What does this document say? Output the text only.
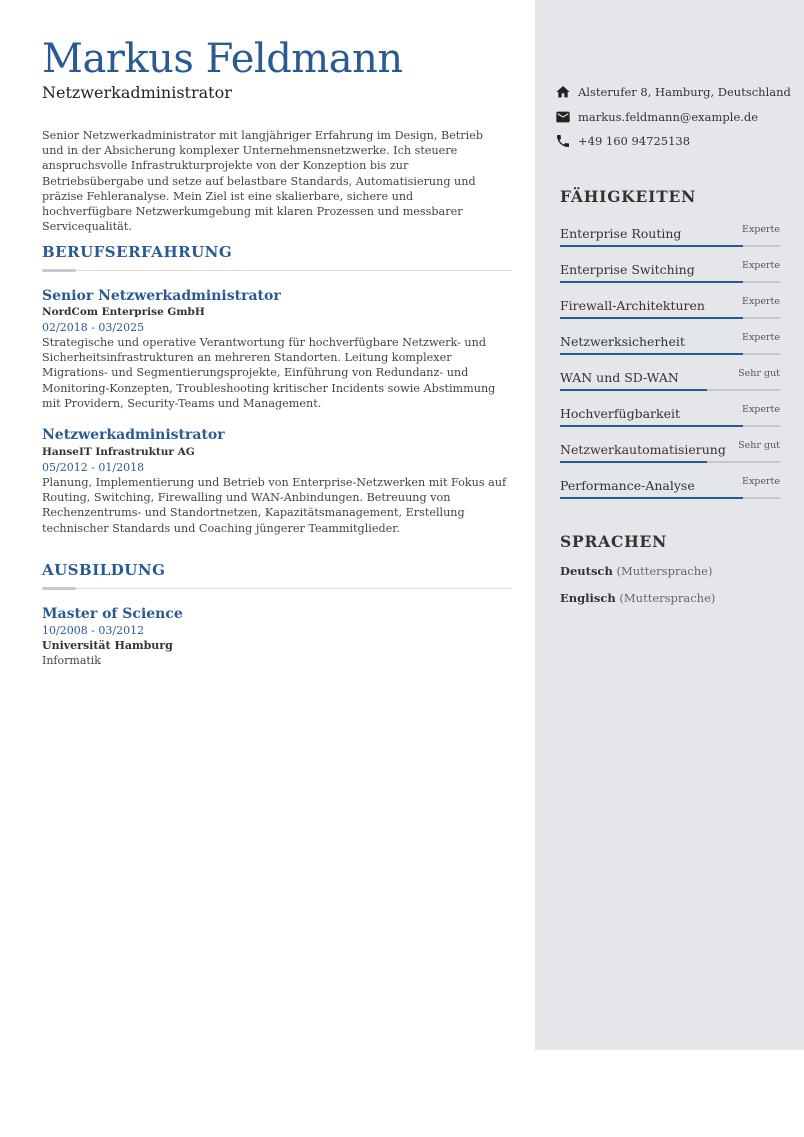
Markus Feldmann
Netzwerkadministrator
Senior Netzwerkadministrator mit langjähriger Erfahrung im Design, Betrieb und in der Absicherung komplexer Unternehmensnetzwerke. Ich steuere anspruchsvolle Infrastrukturprojekte von der Konzeption bis zur Betriebsübergabe und setze auf belastbare Standards, Automatisierung und präzise Fehleranalyse. Mein Ziel ist eine skalierbare, sichere und hochverfügbare Netzwerkumgebung mit klaren Prozessen und messbarer Servicequalität.
BERUFSERFAHRUNG
Senior Netzwerkadministrator
NordCom Enterprise GmbH
02/2018 - 03/2025
Strategische und operative Verantwortung für hochverfügbare Netzwerk- und Sicherheitsinfrastrukturen an mehreren Standorten. Leitung komplexer Migrations- und Segmentierungsprojekte, Einführung von Redundanz- und Monitoring-Konzepten, Troubleshooting kritischer Incidents sowie Abstimmung mit Providern, Security-Teams und Management.
Netzwerkadministrator
HanseIT Infrastruktur AG
05/2012 - 01/2018
Planung, Implementierung und Betrieb von Enterprise-Netzwerken mit Fokus auf Routing, Switching, Firewalling und WAN-Anbindungen. Betreuung von Rechenzentrums- und Standortnetzen, Kapazitätsmanagement, Erstellung technischer Standards und Coaching jüngerer Teammitglieder.
AUSBILDUNG
Master of Science
10/2008 - 03/2012
Universität Hamburg
Informatik
Alsterufer 8, Hamburg, Deutschland
markus.feldmann@example.de
+49 160 94725138
FÄHIGKEITEN
Enterprise Routing	Experte
Enterprise Switching	Experte
Firewall-Architekturen	Experte
Netzwerksicherheit	Experte
WAN und SD-WAN	Sehr gut
Hochverfügbarkeit	Experte
Netzwerkautomatisierung Sehr gut
Performance-Analyse	Experte
SPRACHEN
Deutsch (Muttersprache)
Englisch (Muttersprache)
